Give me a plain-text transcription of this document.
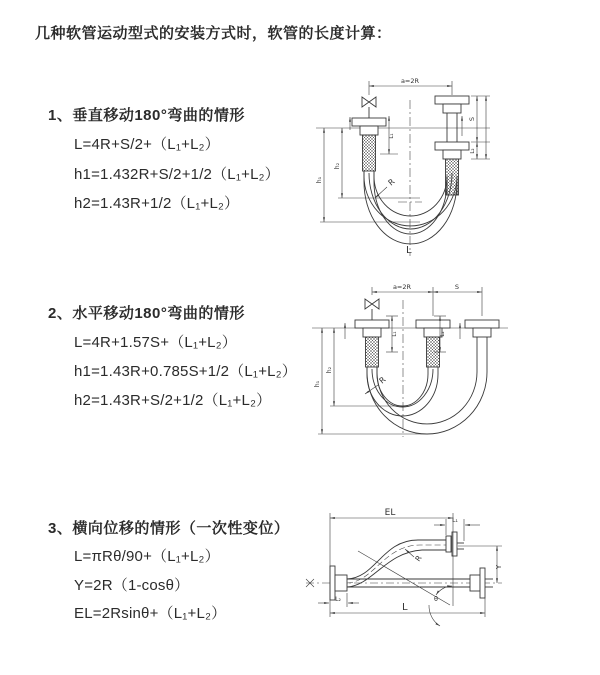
几种软管运动型式的安装方式时，软管的长度计算：
1、垂直移动180°弯曲的情形
L=4R+S/2+（L₁+L₂）
h1=1.432R+S/2+1/2（L₁+L₂）
h2=1.43R+1/2（L₁+L₂）
2、水平移动180°弯曲的情形
L=4R+1.57S+（L₁+L₂）
h1=1.43R+0.785S+1/2（L₁+L₂）
h2=1.43R+S/2+1/2（L₁+L₂）
3、横向位移的情形（一次性变位）
L=πRθ/90+（L₁+L₂）
Y=2R（1-cosθ）
EL=2Rsinθ+（L₁+L₂）
a=2R
h₁
h₂
L₁
S
L₂
R
L
a=2R	S
h₁
h₂
L₁	L₂
R
EL
L₁
Y
R
θ
L₂
L
